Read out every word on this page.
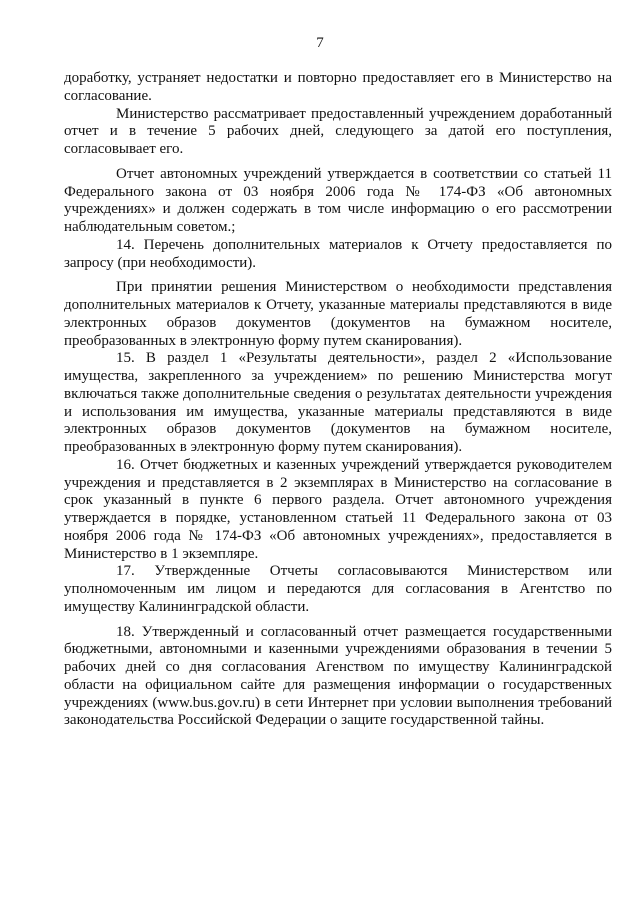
7

доработку, устраняет недостатки и повторно предоставляет его в Министерство на согласование.

Министерство рассматривает предоставленный учреждением доработанный отчет и в течение 5 рабочих дней, следующего за датой его поступления, согласовывает его.

Отчет автономных учреждений утверждается в соответствии со статьей 11 Федерального закона от 03 ноября 2006 года № 174-ФЗ «Об автономных учреждениях» и должен содержать в том числе информацию о его рассмотрении наблюдательным советом.;

14. Перечень дополнительных материалов к Отчету предоставляется по запросу (при необходимости).

При принятии решения Министерством о необходимости представления дополнительных материалов к Отчету, указанные материалы представляются в виде электронных образов документов (документов на бумажном носителе, преобразованных в электронную форму путем сканирования).

15. В раздел 1 «Результаты деятельности», раздел 2 «Использование имущества, закрепленного за учреждением» по решению Министерства могут включаться также дополнительные сведения о результатах деятельности учреждения и использования им имущества, указанные материалы представляются в виде электронных образов документов (документов на бумажном носителе, преобразованных в электронную форму путем сканирования).

16. Отчет бюджетных и казенных учреждений утверждается руководителем учреждения и представляется в 2 экземплярах в Министерство на согласование в срок указанный в пункте 6 первого раздела. Отчет автономного учреждения утверждается в порядке, установленном статьей 11 Федерального закона от 03 ноября 2006 года № 174-ФЗ «Об автономных учреждениях», предоставляется в Министерство в 1 экземпляре.

17. Утвержденные Отчеты согласовываются Министерством или уполномоченным им лицом и передаются для согласования в Агентство по имуществу Калининградской области.

18. Утвержденный и согласованный отчет размещается государственными бюджетными, автономными и казенными учреждениями образования в течении 5 рабочих дней со дня согласования Агенством по имуществу Калининградской области на официальном сайте для размещения информации о государственных учреждениях (www.bus.gov.ru) в сети Интернет при условии выполнения требований законодательства Российской Федерации о защите государственной тайны.
